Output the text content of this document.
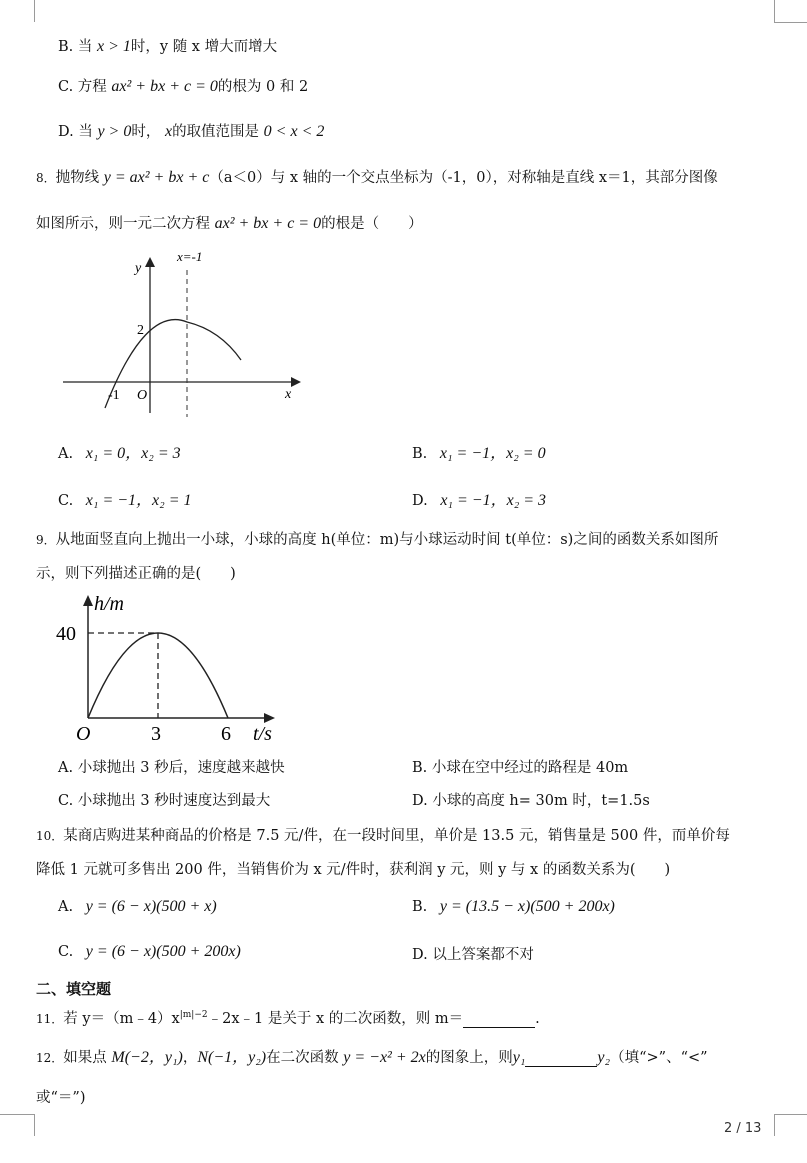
B. 当 x > 1时，y 随 x 增大而增大
C. 方程 ax² + bx + c = 0的根为 0 和 2
D. 当 y > 0时， x的取值范围是 0 < x < 2
8．抛物线 y = ax² + bx + c（a＜0）与 x 轴的一个交点坐标为（-1，0），对称轴是直线 x＝1，其部分图像
如图所示，则一元二次方程 ax² + bx + c = 0的根是（　　）
y
x=-1
2
O
-1	x
A. x₁ = 0，x₂ = 3	B. x₁ = −1，x₂ = 0
C. x₁ = −1，x₂ = 1	D. x₁ = −1，x₂ = 3
9．从地面竖直向上抛出一小球，小球的高度 h(单位：m)与小球运动时间 t(单位：s)之间的函数关系如图所
示，则下列描述正确的是(　　)
h/m
40
O	3	6 t/s
A. 小球抛出 3 秒后，速度越来越快	B. 小球在空中经过的路程是 40m
C. 小球抛出 3 秒时速度达到最大	D. 小球的高度 h= 30m 时，t=1.5s
10．某商店购进某种商品的价格是 7.5 元/件，在一段时间里，单价是 13.5 元，销售量是 500 件，而单价每
降低 1 元就可多售出 200 件，当销售价为 x 元/件时，获利润 y 元，则 y 与 x 的函数关系为(　　)
A. y = (6 − x)(500 + x)	B. y = (13.5 − x)(500 + 200x)
C. y = (6 − x)(500 + 200x)	D. 以上答案都不对
二、填空题
11．若 $y=(m﹣4)x^{|m|-2}﹣2x﹣1$ 是关于 x 的二次函数，则 m＝	.
12．如果点 M(−2，y₁)，N(−1，y₂)在二次函数 y = −x² + 2x的图象上，则y₁	y₂（填“>”、“<”
或“＝”)
2 / 13
